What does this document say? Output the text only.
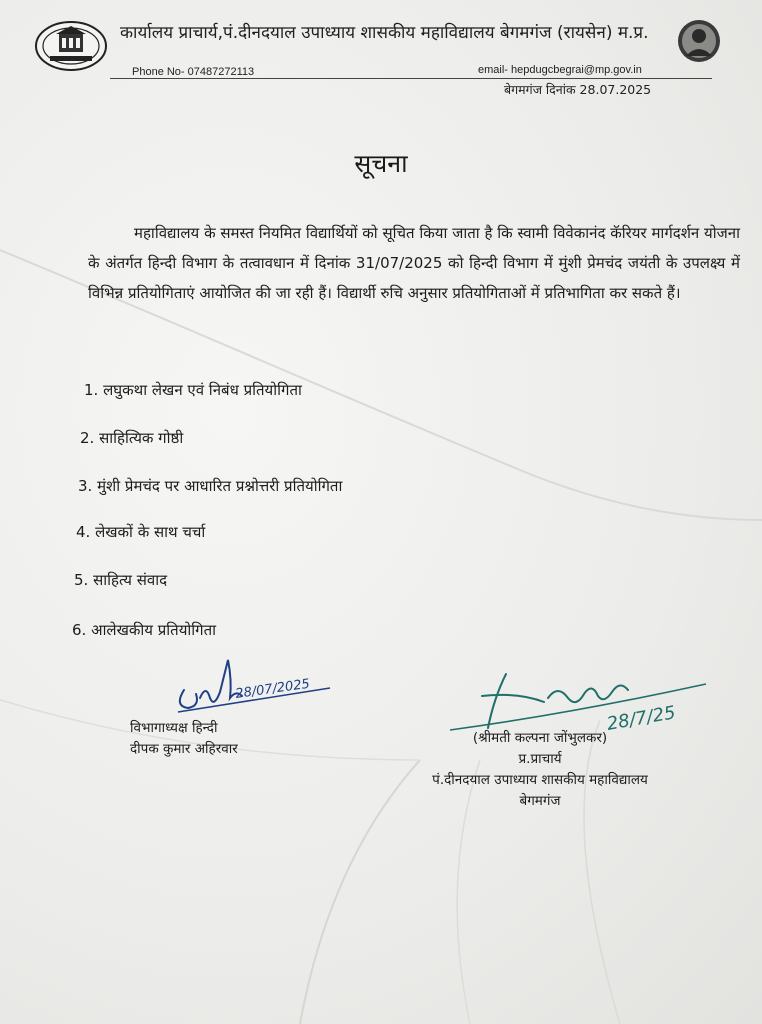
कार्यालय प्राचार्य,पं.दीनदयाल उपाध्याय शासकीय महाविद्यालय बेगमगंज (रायसेन) म.प्र.
Phone No- 07487272113	email- hepdugcbegrai@mp.gov.in
बेगमगंज दिनांक 28.07.2025
सूचना
महाविद्यालय के समस्त नियमित विद्यार्थियों को सूचित किया जाता है कि स्वामी विवेकानंद कॅरियर मार्गदर्शन योजना के अंतर्गत हिन्दी विभाग के तत्वावधान में दिनांक 31/07/2025 को हिन्दी विभाग में मुंशी प्रेमचंद जयंती के उपलक्ष्य में विभिन्न प्रतियोगिताएं आयोजित की जा रही हैं। विद्यार्थी रुचि अनुसार प्रतियोगिताओं में प्रतिभागिता कर सकते हैं।
1. लघुकथा लेखन एवं निबंध प्रतियोगिता
2. साहित्यिक गोष्ठी
3. मुंशी प्रेमचंद पर आधारित प्रश्नोत्तरी प्रतियोगिता
4. लेखकों के साथ चर्चा
5. साहित्य संवाद
6. आलेखकीय प्रतियोगिता
28/07/2025
28/7/25
विभागाध्यक्ष हिन्दी
दीपक कुमार अहिरवार
(श्रीमती कल्पना जोंभुलकर)
प्र.प्राचार्य
पं.दीनदयाल उपाध्याय शासकीय महाविद्यालय
बेगमगंज
